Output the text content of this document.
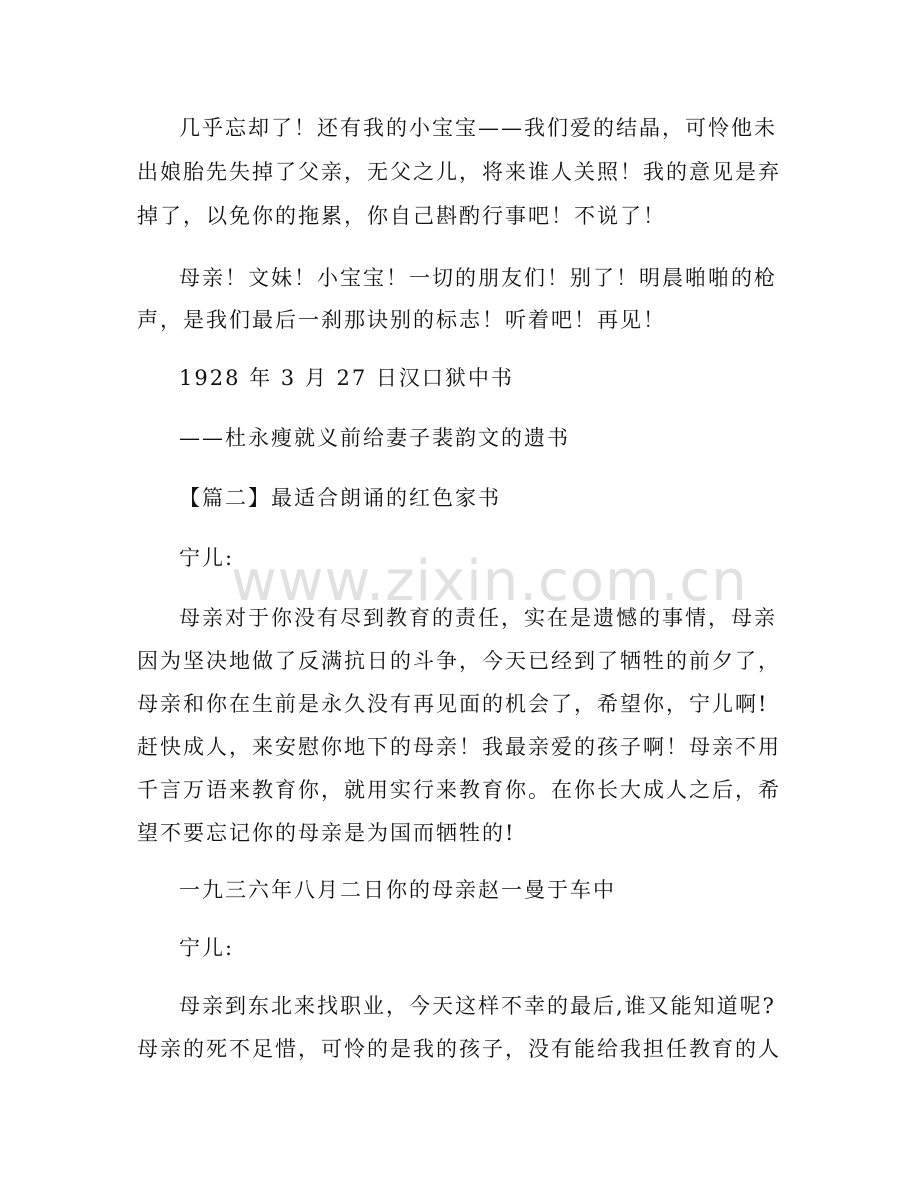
www.zixin.com.cn
几乎忘却了！还有我的小宝宝——我们爱的结晶，可怜他未
出娘胎先失掉了父亲，无父之儿，将来谁人关照！我的意见是弃
掉了，以免你的拖累，你自己斟酌行事吧！不说了！
母亲！文妹！小宝宝！一切的朋友们！别了！明晨啪啪的枪
声，是我们最后一刹那诀别的标志！听着吧！再见！
1928 年 3 月 27 日汉口狱中书
——杜永瘦就义前给妻子裴韵文的遗书
【篇二】最适合朗诵的红色家书
宁儿:
母亲对于你没有尽到教育的责任，实在是遗憾的事情，母亲
因为坚决地做了反满抗日的斗争，今天已经到了牺牲的前夕了，
母亲和你在生前是永久没有再见面的机会了，希望你，宁儿啊!
赶快成人，来安慰你地下的母亲！我最亲爱的孩子啊！母亲不用
千言万语来教育你，就用实行来教育你。在你长大成人之后，希
望不要忘记你的母亲是为国而牺牲的!
一九三六年八月二日你的母亲赵一曼于车中
宁儿:
母亲到东北来找职业，今天这样不幸的最后,谁又能知道呢?
母亲的死不足惜，可怜的是我的孩子，没有能给我担任教育的人
